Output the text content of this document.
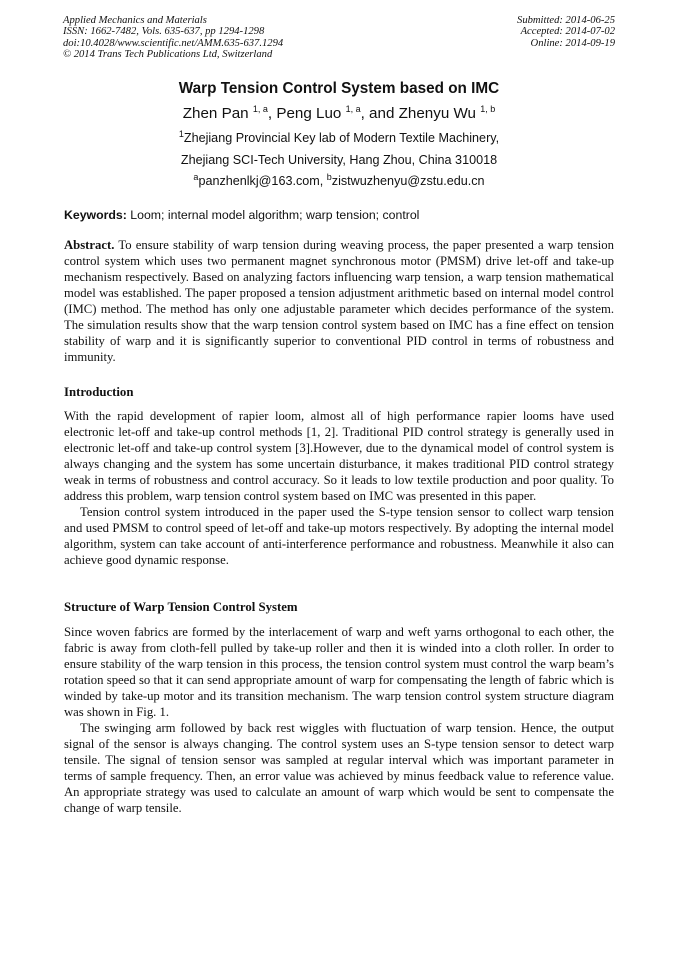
Applied Mechanics and Materials
ISSN: 1662-7482, Vols. 635-637, pp 1294-1298
doi:10.4028/www.scientific.net/AMM.635-637.1294
© 2014 Trans Tech Publications Ltd, Switzerland
Submitted: 2014-06-25
Accepted: 2014-07-02
Online: 2014-09-19
Warp Tension Control System based on IMC
Zhen Pan $^{1, a}$, Peng Luo $^{1, a}$, and Zhenyu Wu $^{1, b}$
$^1$Zhejiang Provincial Key lab of Modern Textile Machinery,
Zhejiang SCI-Tech University, Hang Zhou, China 310018
$^a$panzhenlkj@163.com, $^b$zistwuzhenyu@zstu.edu.cn
Keywords: Loom; internal model algorithm; warp tension; control

Abstract. To ensure stability of warp tension during weaving process, the paper presented a warp tension control system which uses two permanent magnet synchronous motor (PMSM) drive let-off and take-up mechanism respectively. Based on analyzing factors influencing warp tension, a warp tension mathematical model was established. The paper proposed a tension adjustment arithmetic based on internal model control (IMC) method. The method has only one adjustable parameter which decides performance of the system. The simulation results show that the warp tension control system based on IMC has a fine effect on tension stability of warp and it is significantly superior to conventional PID control in terms of robustness and immunity.

Introduction

With the rapid development of rapier loom, almost all of high performance rapier looms have used electronic let-off and take-up control methods [1, 2]. Traditional PID control strategy is generally used in electronic let-off and take-up control system [3].However, due to the dynamical model of control system is always changing and the system has some uncertain disturbance, it makes traditional PID control strategy weak in terms of robustness and control accuracy. So it leads to low textile production and poor quality. To address this problem, warp tension control system based on IMC was presented in this paper.

Tension control system introduced in the paper used the S-type tension sensor to collect warp tension and used PMSM to control speed of let-off and take-up motors respectively. By adopting the internal model algorithm, system can take account of anti-interference performance and robustness. Meanwhile it also can achieve good dynamic response.

Structure of Warp Tension Control System

Since woven fabrics are formed by the interlacement of warp and weft yarns orthogonal to each other, the fabric is away from cloth-fell pulled by take-up roller and then it is winded into a cloth roller. In order to ensure stability of the warp tension in this process, the tension control system must control the warp beam’s rotation speed so that it can send appropriate amount of warp for compensating the length of fabric which is winded by take-up motor and its transition mechanism. The warp tension control system structure diagram was shown in Fig. 1.

The swinging arm followed by back rest wiggles with fluctuation of warp tension. Hence, the output signal of the sensor is always changing. The control system uses an S-type tension sensor to detect warp tensile. The signal of tension sensor was sampled at regular interval which was important parameter in terms of sample frequency. Then, an error value was achieved by minus feedback value to reference value. An appropriate strategy was used to calculate an amount of warp which would be sent to compensate the change of warp tensile.
